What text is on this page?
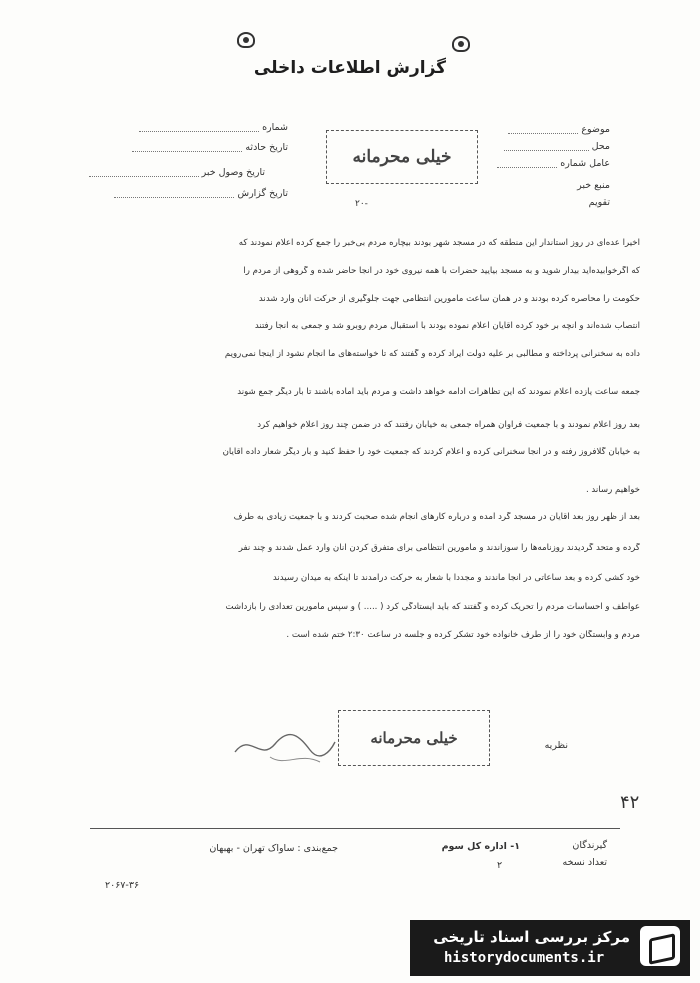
گزارش اطلاعات داخلی
موضوع
محل
عامل شماره
منبع خبر
تقویم
شماره
تاریخ حادثه
تاریخ وصول خبر
تاریخ گزارش
خیلی محرمانه
۲۰-
اخیراً عده‌ای در روز استاندار این منطقه که در مسجد شهر بودند بیچاره مردم بی‌خبر را جمع کرده اعلام نمودند که
که اگرخوابیده‌اید بیدار شوید و به مسجد بیایید حضرات با همه نیروی خود در آنجا حاضر شده و گروهی از مردم را
حکومت را محاصره کرده بودند و در همان ساعت مأمورین انتظامی جهت جلوگیری از حرکت آنان وارد شدند
انتصاب شده‌اند و آنچه بر خود کرده آقایان اعلام نموده بودند با استقبال مردم روبرو شد و جمعی به آنجا رفتند
داده به سخنرانی پرداخته و مطالبی بر علیه دولت ایراد کرده و گفتند که تا خواسته‌های ما انجام نشود از اینجا نمی‌رویم
جمعه ساعت یازده اعلام نمودند که این تظاهرات ادامه خواهد داشت و مردم باید آماده باشند تا بار دیگر جمع شوند
بعد روز اعلام نمودند و با جمعیت فراوان همراه جمعی به خیابان رفتند که در ضمن چند روز اعلام خواهیم کرد
به خیابان گلافروز رفته و در آنجا سخنرانی کرده و اعلام کردند که جمعیت خود را حفظ کنید و بار دیگر شعار داده آقایان
خواهیم رساند .
بعد از ظهر روز بعد آقایان در مسجد گرد آمده و درباره کارهای انجام شده صحبت کردند و با جمعیت زیادی به طرف
گرده و متحد گردیدند روزنامه‌ها را سوزاندند و مأمورین انتظامی برای متفرق کردن آنان وارد عمل شدند و چند نفر
خود کشی کرده و بعد ساعاتی در آنجا ماندند و مجدداً با شعار به حرکت درآمدند تا اینکه به میدان رسیدند
عواطف و احساسات مردم را تحریک کرده و گفتند که باید ایستادگی کرد ( ..... ) و سپس مأمورین تعدادی را بازداشت
مردم و وابستگان خود را از طرف خانواده خود تشکر کرده و جلسه در ساعت ۲:۳۰ ختم شده است .
نظریه
خیلی محرمانه
۴۲
گیرندگان
تعداد نسخه
۱- اداره کل سوم
جمع‌بندی : ساواک تهران - بهبهان
۲
۲۰۶۷-۳۶
مرکز بررسی اسناد تاریخی
historydocuments.ir
